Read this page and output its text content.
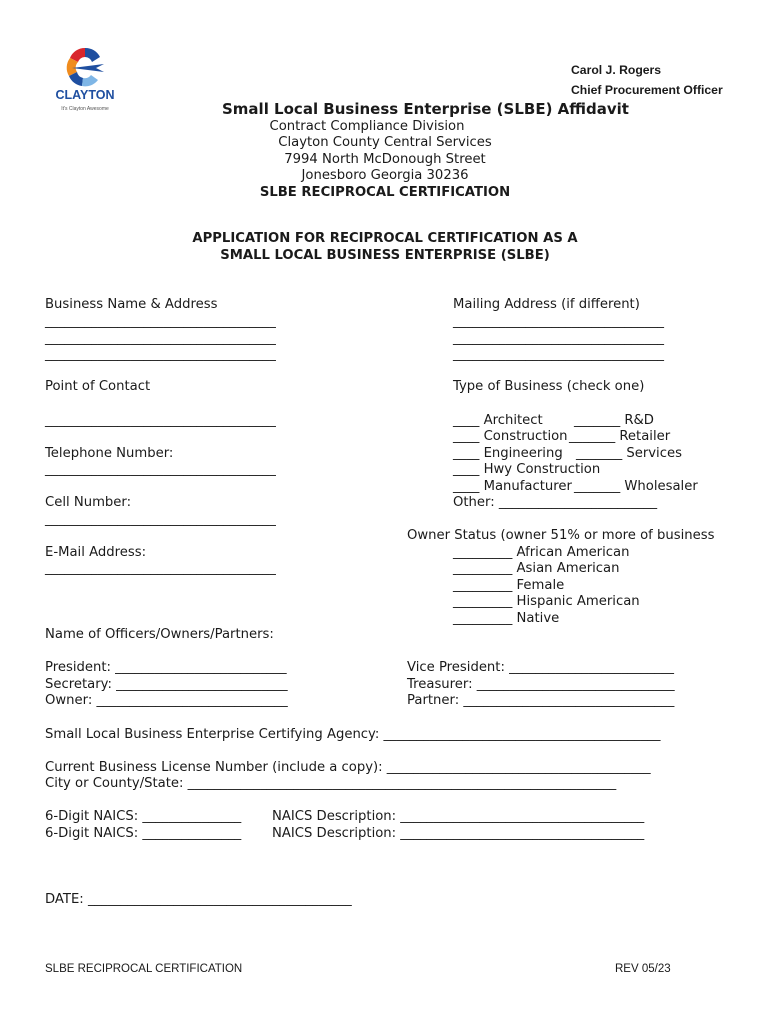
CLAYTON
It's Clayton Awesome
Carol J. Rogers
Chief Procurement Officer
Small Local Business Enterprise (SLBE) Affidavit
Contract Compliance Division
Clayton County Central Services
7994 North McDonough Street
Jonesboro Georgia 30236
SLBE RECIPROCAL CERTIFICATION
APPLICATION FOR RECIPROCAL CERTIFICATION AS A
SMALL LOCAL BUSINESS ENTERPRISE (SLBE)
Business Name & Address
___________________________________
___________________________________
___________________________________
Point of Contact
___________________________________
Telephone Number:
___________________________________
Cell Number:
___________________________________
E-Mail Address:
___________________________________
Mailing Address (if different)
________________________________
________________________________
________________________________
Type of Business (check one)
____ Architect _______ R&D
____ Construction _______ Retailer
____ Engineering _______ Services
____ Hwy Construction
____ Manufacturer _______ Wholesaler
Other: ________________________
Owner Status (owner 51% or more of business
_________ African American
_________ Asian American
_________ Female
_________ Hispanic American
_________ Native
Name of Officers/Owners/Partners:
President: __________________________
Secretary: __________________________
Owner: _____________________________
Vice President: _________________________
Treasurer: ______________________________
Partner: ________________________________
Small Local Business Enterprise Certifying Agency: __________________________________________
Current Business License Number (include a copy): ________________________________________
City or County/State: _________________________________________________________________
6-Digit NAICS: _______________
6-Digit NAICS: _______________
NAICS Description: _____________________________________
NAICS Description: _____________________________________
DATE: ________________________________________
SLBE RECIPROCAL CERTIFICATION	REV 05/23
